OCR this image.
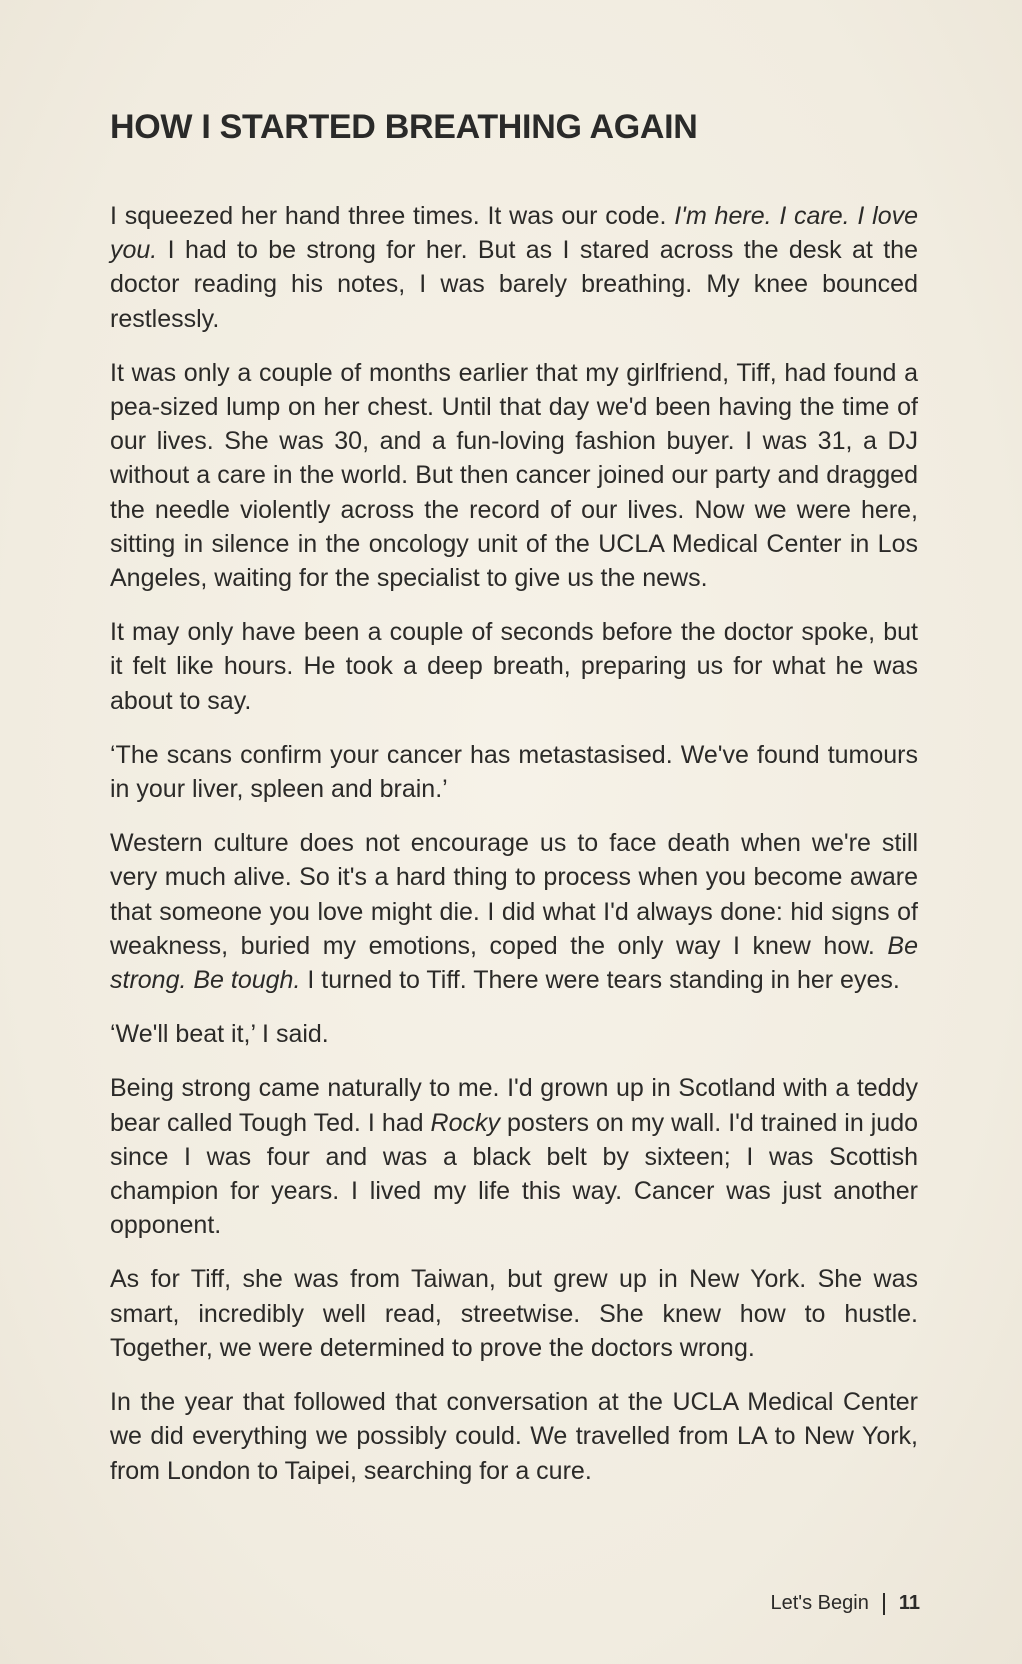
HOW I STARTED BREATHING AGAIN

I squeezed her hand three times. It was our code. I'm here. I care. I love you. I had to be strong for her. But as I stared across the desk at the doctor reading his notes, I was barely breathing. My knee bounced restlessly.

It was only a couple of months earlier that my girlfriend, Tiff, had found a pea-sized lump on her chest. Until that day we'd been having the time of our lives. She was 30, and a fun-loving fashion buyer. I was 31, a DJ without a care in the world. But then cancer joined our party and dragged the needle violently across the record of our lives. Now we were here, sitting in silence in the oncology unit of the UCLA Medical Center in Los Angeles, waiting for the specialist to give us the news.

It may only have been a couple of seconds before the doctor spoke, but it felt like hours. He took a deep breath, preparing us for what he was about to say.

‘The scans confirm your cancer has metastasised. We've found tumours in your liver, spleen and brain.’

Western culture does not encourage us to face death when we're still very much alive. So it's a hard thing to process when you become aware that someone you love might die. I did what I'd always done: hid signs of weakness, buried my emotions, coped the only way I knew how. Be strong. Be tough. I turned to Tiff. There were tears standing in her eyes.

‘We'll beat it,’ I said.

Being strong came naturally to me. I'd grown up in Scotland with a teddy bear called Tough Ted. I had Rocky posters on my wall. I'd trained in judo since I was four and was a black belt by sixteen; I was Scottish champion for years. I lived my life this way. Cancer was just another opponent.

As for Tiff, she was from Taiwan, but grew up in New York. She was smart, incredibly well read, streetwise. She knew how to hustle. Together, we were determined to prove the doctors wrong.

In the year that followed that conversation at the UCLA Medical Center we did everything we possibly could. We travelled from LA to New York, from London to Taipei, searching for a cure.

Let's Begin 11
